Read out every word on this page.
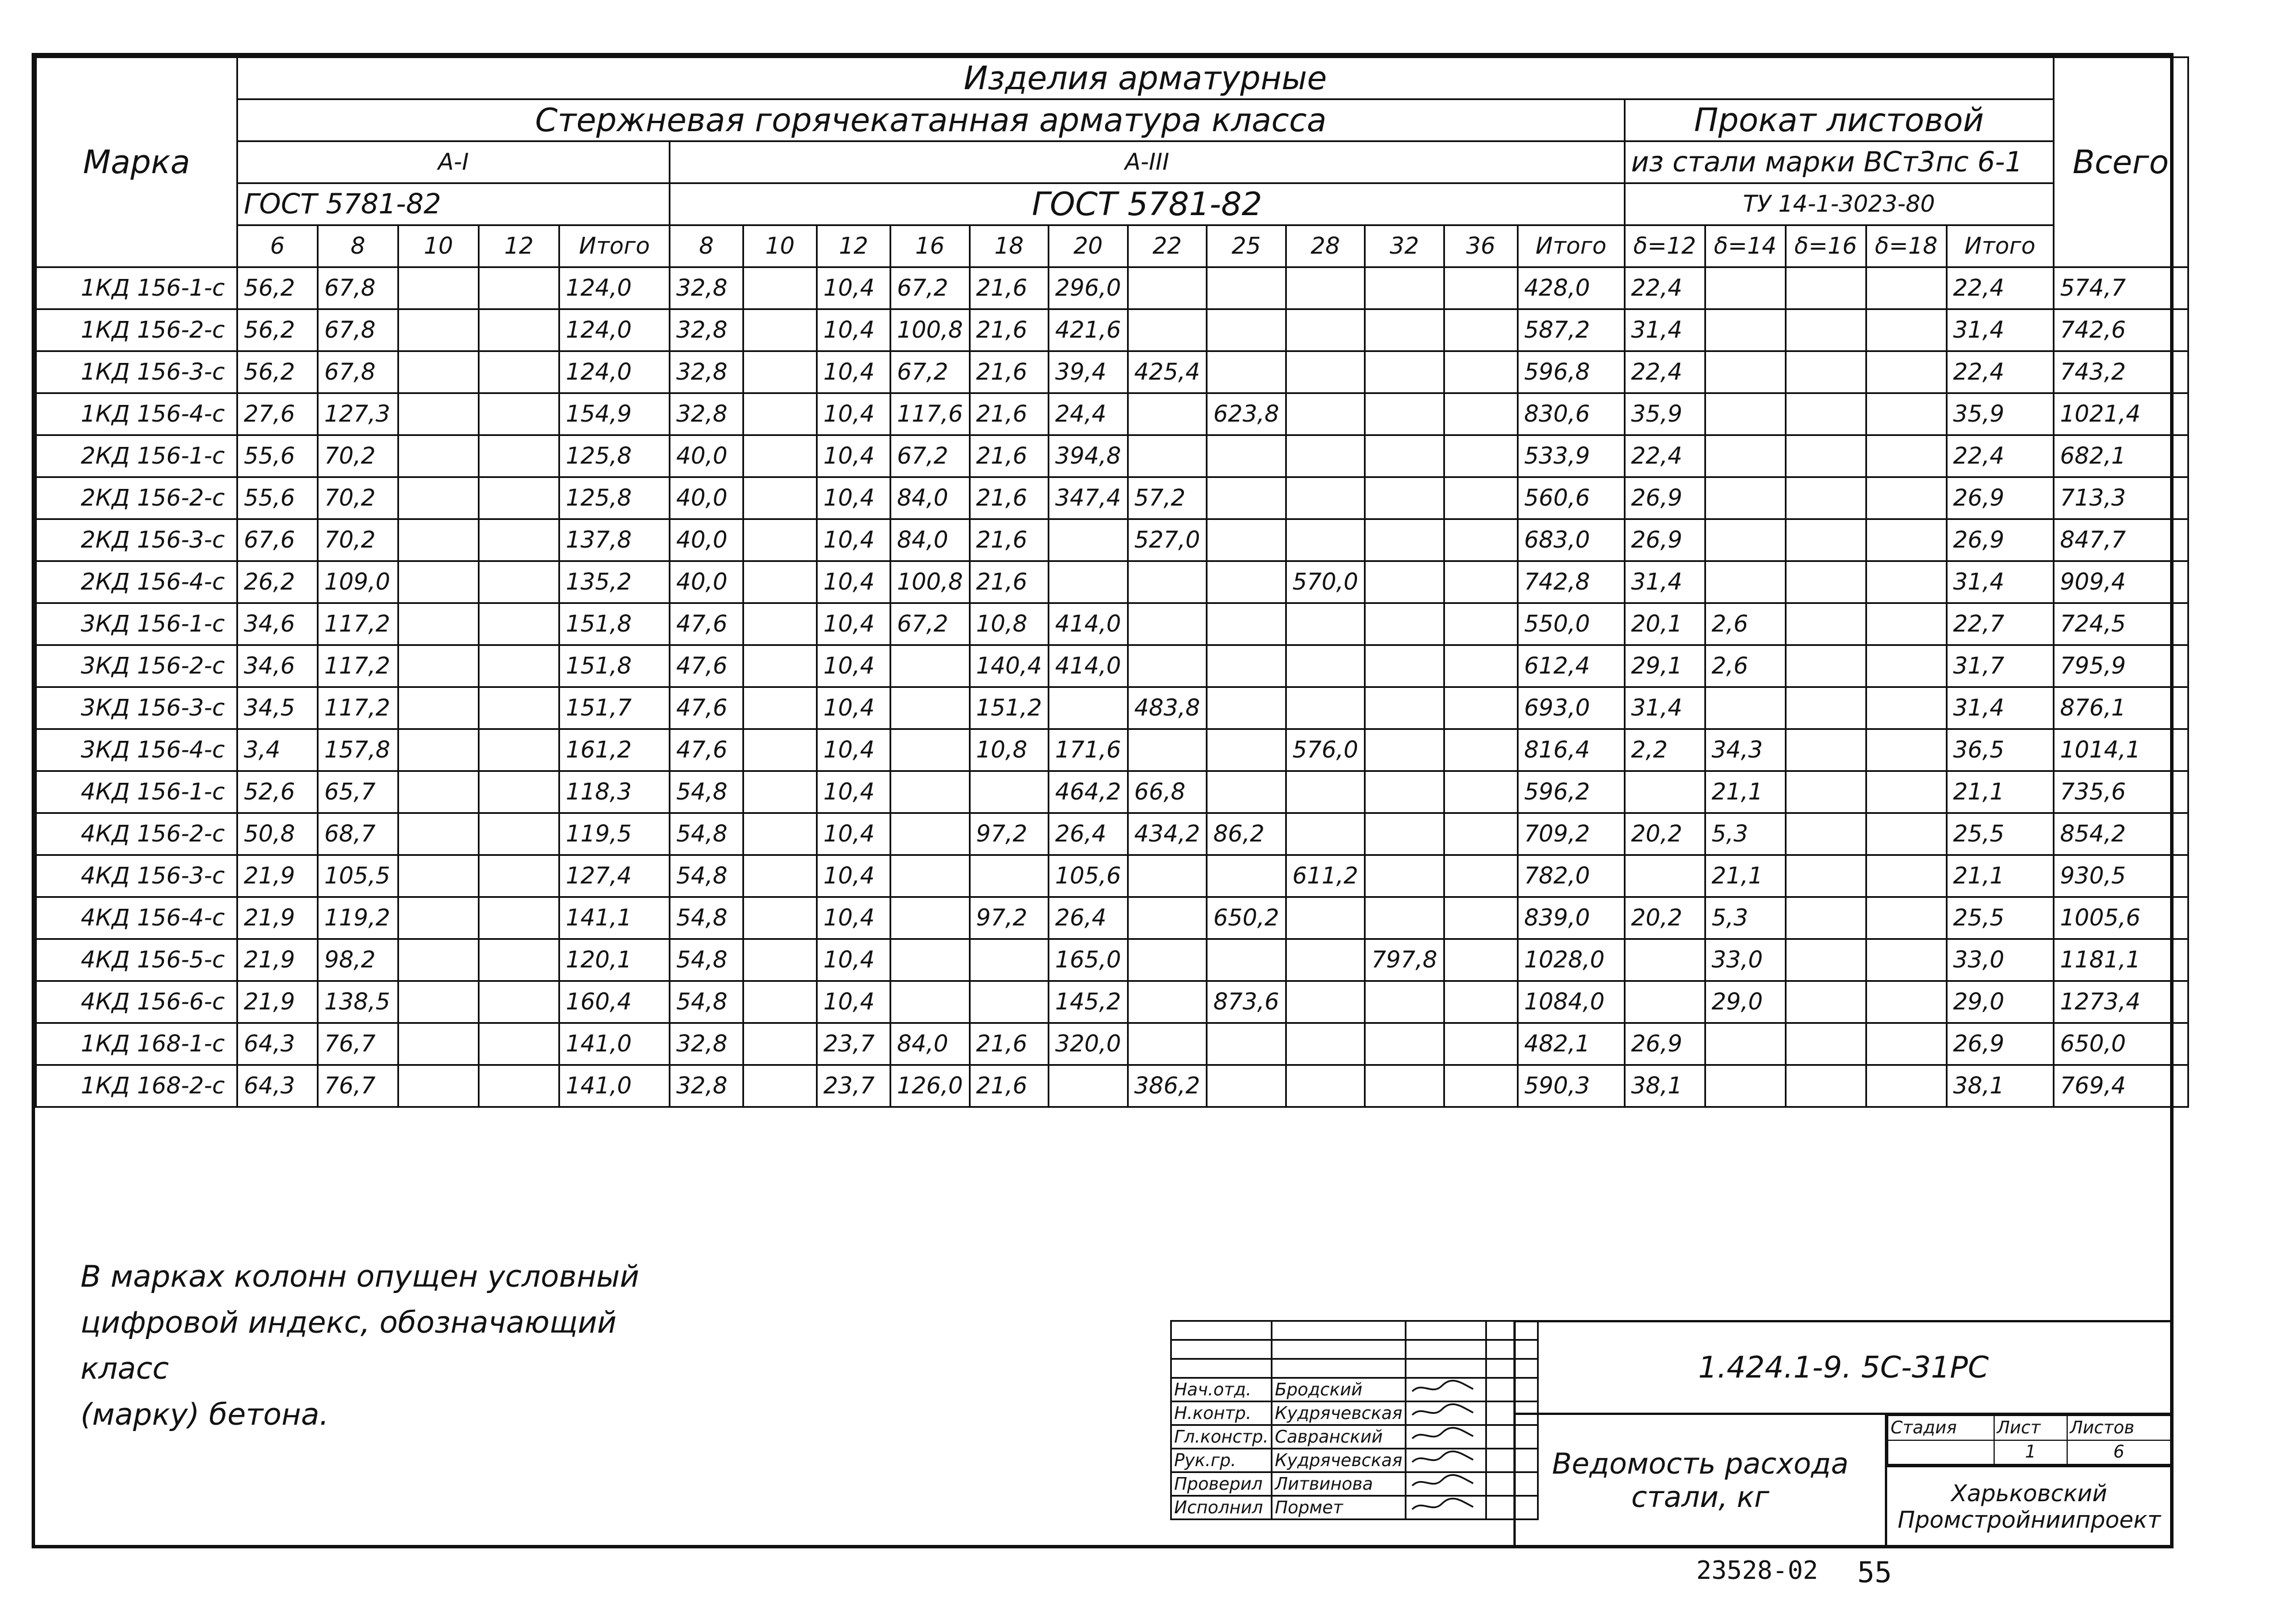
Марка	Изделия арматурные																						Всего
	Стержневая горячекатанная арматура класса																	Прокат листовой					
	A-I					A-III												из стали марки ВСт3пс 6-1					
	ГОСТ 5781-82					ГОСТ 5781-82												ТУ 14-1-3023-80					
	6	8	10	12	Итого	8	10	12	16	18	20	22	25	28	32	36	Итого	δ=12	δ=14	δ=16	δ=18	Итого	
1КД 156-1-с	56,2	67,8			124,0	32,8		10,4	67,2	21,6	296,0						428,0	22,4				22,4	574,7
1КД 156-2-с	56,2	67,8			124,0	32,8		10,4	100,8	21,6	421,6						587,2	31,4				31,4	742,6
1КД 156-3-с	56,2	67,8			124,0	32,8		10,4	67,2	21,6	39,4	425,4					596,8	22,4				22,4	743,2
1КД 156-4-с	27,6	127,3			154,9	32,8		10,4	117,6	21,6	24,4		623,8				830,6	35,9				35,9	1021,4
2КД 156-1-с	55,6	70,2			125,8	40,0		10,4	67,2	21,6	394,8						533,9	22,4				22,4	682,1
2КД 156-2-с	55,6	70,2			125,8	40,0		10,4	84,0	21,6	347,4	57,2					560,6	26,9				26,9	713,3
2КД 156-3-с	67,6	70,2			137,8	40,0		10,4	84,0	21,6		527,0					683,0	26,9				26,9	847,7
2КД 156-4-с	26,2	109,0			135,2	40,0		10,4	100,8	21,6				570,0			742,8	31,4				31,4	909,4
3КД 156-1-с	34,6	117,2			151,8	47,6		10,4	67,2	10,8	414,0						550,0	20,1	2,6			22,7	724,5
3КД 156-2-с	34,6	117,2			151,8	47,6		10,4		140,4	414,0						612,4	29,1	2,6			31,7	795,9
3КД 156-3-с	34,5	117,2			151,7	47,6		10,4		151,2		483,8					693,0	31,4				31,4	876,1
3КД 156-4-с	3,4	157,8			161,2	47,6		10,4		10,8	171,6			576,0			816,4	2,2	34,3			36,5	1014,1
4КД 156-1-с	52,6	65,7			118,3	54,8		10,4			464,2	66,8					596,2		21,1			21,1	735,6
4КД 156-2-с	50,8	68,7			119,5	54,8		10,4		97,2	26,4	434,2	86,2				709,2	20,2	5,3			25,5	854,2
4КД 156-3-с	21,9	105,5			127,4	54,8		10,4			105,6			611,2			782,0		21,1			21,1	930,5
4КД 156-4-с	21,9	119,2			141,1	54,8		10,4		97,2	26,4		650,2				839,0	20,2	5,3			25,5	1005,6
4КД 156-5-с	21,9	98,2			120,1	54,8		10,4			165,0				797,8		1028,0		33,0			33,0	1181,1
4КД 156-6-с	21,9	138,5			160,4	54,8		10,4			145,2		873,6				1084,0		29,0			29,0	1273,4
1КД 168-1-с	64,3	76,7			141,0	32,8		23,7	84,0	21,6	320,0						482,1	26,9				26,9	650,0
1КД 168-2-с	64,3	76,7			141,0	32,8		23,7	126,0	21,6		386,2					590,3	38,1				38,1	769,4

В марках колонн опущен условный
цифровой индекс, обозначающий класс
(марку) бетона.

Нач.отд.	Бродский		
Н.контр.	Кудрячевская		
Гл.констр.	Савранский		
Рук.гр.	Кудрячевская		
Проверил	Литвинова		
Исполнил	Пормет		
1.424.1-9. 5С-31РС
Ведомость расхода
стали, кг
Стадия	Лист	Листов
	1	6
Харьковский
Промстройниипроект
23528-02 55
